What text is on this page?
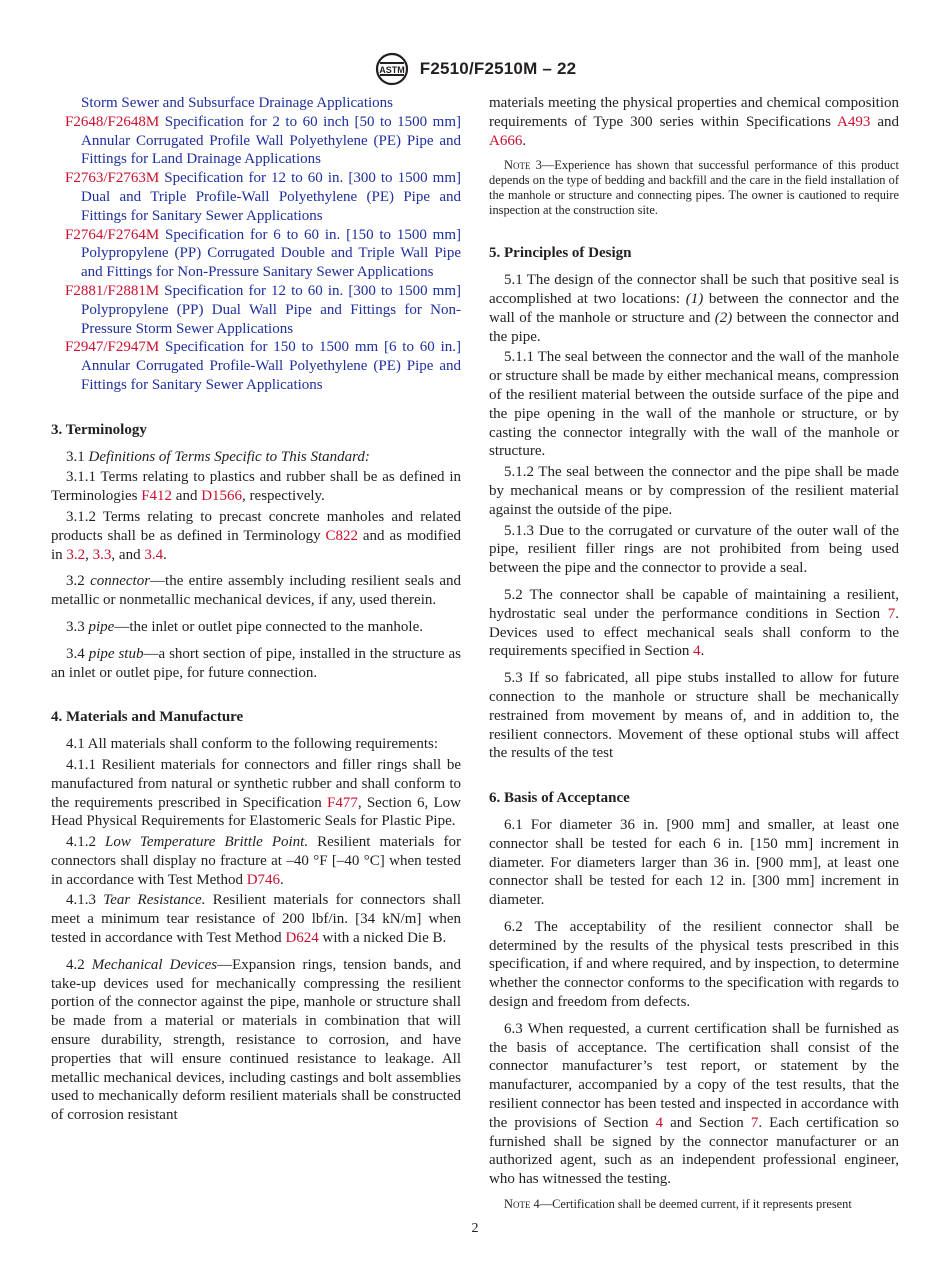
ASTM F2510/F2510M – 22

Storm Sewer and Subsurface Drainage Applications

F2648/F2648M Specification for 2 to 60 inch [50 to 1500 mm] Annular Corrugated Profile Wall Polyethylene (PE) Pipe and Fittings for Land Drainage Applications

F2763/F2763M Specification for 12 to 60 in. [300 to 1500 mm] Dual and Triple Profile-Wall Polyethylene (PE) Pipe and Fittings for Sanitary Sewer Applications

F2764/F2764M Specification for 6 to 60 in. [150 to 1500 mm] Polypropylene (PP) Corrugated Double and Triple Wall Pipe and Fittings for Non-Pressure Sanitary Sewer Applications

F2881/F2881M Specification for 12 to 60 in. [300 to 1500 mm] Polypropylene (PP) Dual Wall Pipe and Fittings for Non-Pressure Storm Sewer Applications

F2947/F2947M Specification for 150 to 1500 mm [6 to 60 in.] Annular Corrugated Profile-Wall Polyethylene (PE) Pipe and Fittings for Sanitary Sewer Applications

3. Terminology

3.1 Definitions of Terms Specific to This Standard:

3.1.1 Terms relating to plastics and rubber shall be as defined in Terminologies F412 and D1566, respectively.

3.1.2 Terms relating to precast concrete manholes and related products shall be as defined in Terminology C822 and as modified in 3.2, 3.3, and 3.4.

3.2 connector—the entire assembly including resilient seals and metallic or nonmetallic mechanical devices, if any, used therein.

3.3 pipe—the inlet or outlet pipe connected to the manhole.

3.4 pipe stub—a short section of pipe, installed in the structure as an inlet or outlet pipe, for future connection.

4. Materials and Manufacture

4.1 All materials shall conform to the following requirements:

4.1.1 Resilient materials for connectors and filler rings shall be manufactured from natural or synthetic rubber and shall conform to the requirements prescribed in Specification F477, Section 6, Low Head Physical Requirements for Elastomeric Seals for Plastic Pipe.

4.1.2 Low Temperature Brittle Point. Resilient materials for connectors shall display no fracture at –40 °F [–40 °C] when tested in accordance with Test Method D746.

4.1.3 Tear Resistance. Resilient materials for connectors shall meet a minimum tear resistance of 200 lbf/in. [34 kN/m] when tested in accordance with Test Method D624 with a nicked Die B.

4.2 Mechanical Devices—Expansion rings, tension bands, and take-up devices used for mechanically compressing the resilient portion of the connector against the pipe, manhole or structure shall be made from a material or materials in combination that will ensure durability, strength, resistance to corrosion, and have properties that will ensure continued resistance to leakage. All metallic mechanical devices, including castings and bolt assemblies used to mechanically deform resilient materials shall be constructed of corrosion resistant

materials meeting the physical properties and chemical composition requirements of Type 300 series within Specifications A493 and A666.

Note 3—Experience has shown that successful performance of this product depends on the type of bedding and backfill and the care in the field installation of the manhole or structure and connecting pipes. The owner is cautioned to require inspection at the construction site.

5. Principles of Design

5.1 The design of the connector shall be such that positive seal is accomplished at two locations: (1) between the connector and the wall of the manhole or structure and (2) between the connector and the pipe.

5.1.1 The seal between the connector and the wall of the manhole or structure shall be made by either mechanical means, compression of the resilient material between the outside surface of the pipe and the pipe opening in the wall of the manhole or structure, or by casting the connector integrally with the wall of the manhole or structure.

5.1.2 The seal between the connector and the pipe shall be made by mechanical means or by compression of the resilient material against the outside of the pipe.

5.1.3 Due to the corrugated or curvature of the outer wall of the pipe, resilient filler rings are not prohibited from being used between the pipe and the connector to provide a seal.

5.2 The connector shall be capable of maintaining a resilient, hydrostatic seal under the performance conditions in Section 7. Devices used to effect mechanical seals shall conform to the requirements specified in Section 4.

5.3 If so fabricated, all pipe stubs installed to allow for future connection to the manhole or structure shall be mechanically restrained from movement by means of, and in addition to, the resilient connectors. Movement of these optional stubs will affect the results of the test

6. Basis of Acceptance

6.1 For diameter 36 in. [900 mm] and smaller, at least one connector shall be tested for each 6 in. [150 mm] increment in diameter. For diameters larger than 36 in. [900 mm], at least one connector shall be tested for each 12 in. [300 mm] increment in diameter.

6.2 The acceptability of the resilient connector shall be determined by the results of the physical tests prescribed in this specification, if and where required, and by inspection, to determine whether the connector conforms to the specification with regards to design and freedom from defects.

6.3 When requested, a current certification shall be furnished as the basis of acceptance. The certification shall consist of the connector manufacturer’s test report, or statement by the manufacturer, accompanied by a copy of the test results, that the resilient connector has been tested and inspected in accordance with the provisions of Section 4 and Section 7. Each certification so furnished shall be signed by the connector manufacturer or an authorized agent, such as an independent professional engineer, who has witnessed the testing.

Note 4—Certification shall be deemed current, if it represents present

2
